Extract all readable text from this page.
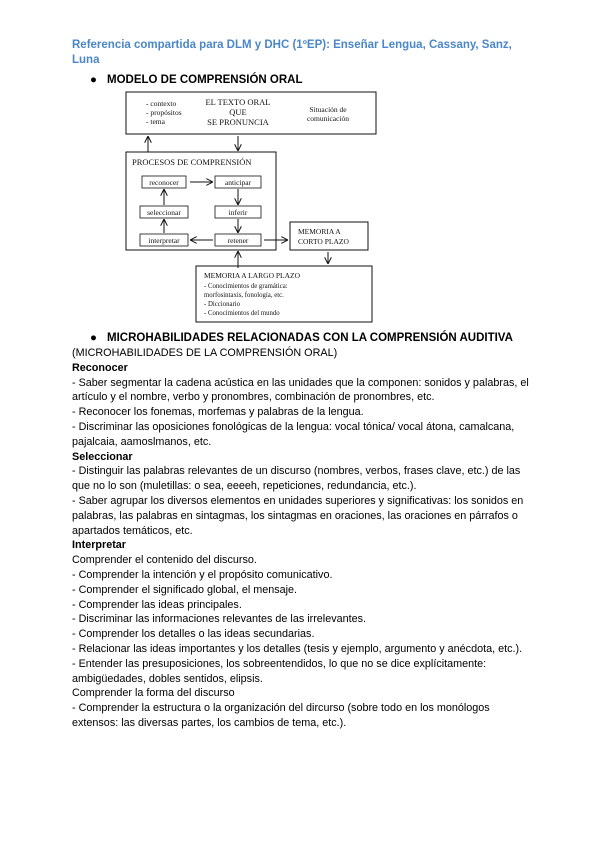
Referencia compartida para DLM y DHC (1ºEP): Enseñar Lengua, Cassany, Sanz, Luna
● MODELO DE COMPRENSIÓN ORAL
- contexto
- propósitos
- tema
EL TEXTO ORAL
QUE
SE PRONUNCIA
Situación de
comunicación
PROCESOS DE COMPRENSIÓN
reconocer	anticipar
seleccionar	inferir
interpretar	retener
MEMORIA A
CORTO PLAZO
MEMORIA A LARGO PLAZO
- Conocimientos de gramática:
morfosintaxis, fonología, etc.
- Diccionario
- Conocimientos del mundo
● MICROHABILIDADES RELACIONADAS CON LA COMPRENSIÓN AUDITIVA

(MICROHABILIDADES DE LA COMPRENSIÓN ORAL)

Reconocer

- Saber segmentar la cadena acústica en las unidades que la componen: sonidos y palabras, el artículo y el nombre, verbo y pronombres, combinación de pronombres, etc.

- Reconocer los fonemas, morfemas y palabras de la lengua.

- Discriminar las oposiciones fonológicas de la lengua: vocal tónica/ vocal átona, camalcana, pajalcaia, aamoslmanos, etc.

Seleccionar

- Distinguir las palabras relevantes de un discurso (nombres, verbos, frases clave, etc.) de las que no lo son (muletillas: o sea, eeeeh, repeticiones, redundancia, etc.).

- Saber agrupar los diversos elementos en unidades superiores y significativas: los sonidos en palabras, las palabras en sintagmas, los sintagmas en oraciones, las oraciones en párrafos o apartados temáticos, etc.

Interpretar

Comprender el contenido del discurso.

- Comprender la intención y el propósito comunicativo.

- Comprender el significado global, el mensaje.

- Comprender las ideas principales.

- Discriminar las informaciones relevantes de las irrelevantes.

- Comprender los detalles o las ideas secundarias.

- Relacionar las ideas importantes y los detalles (tesis y ejemplo, argumento y anécdota, etc.).

- Entender las presuposiciones, los sobreentendidos, lo que no se dice explícitamente: ambigüedades, dobles sentidos, elipsis.

Comprender la forma del discurso

- Comprender la estructura o la organización del dircurso (sobre todo en los monólogos extensos: las diversas partes, los cambios de tema, etc.).
